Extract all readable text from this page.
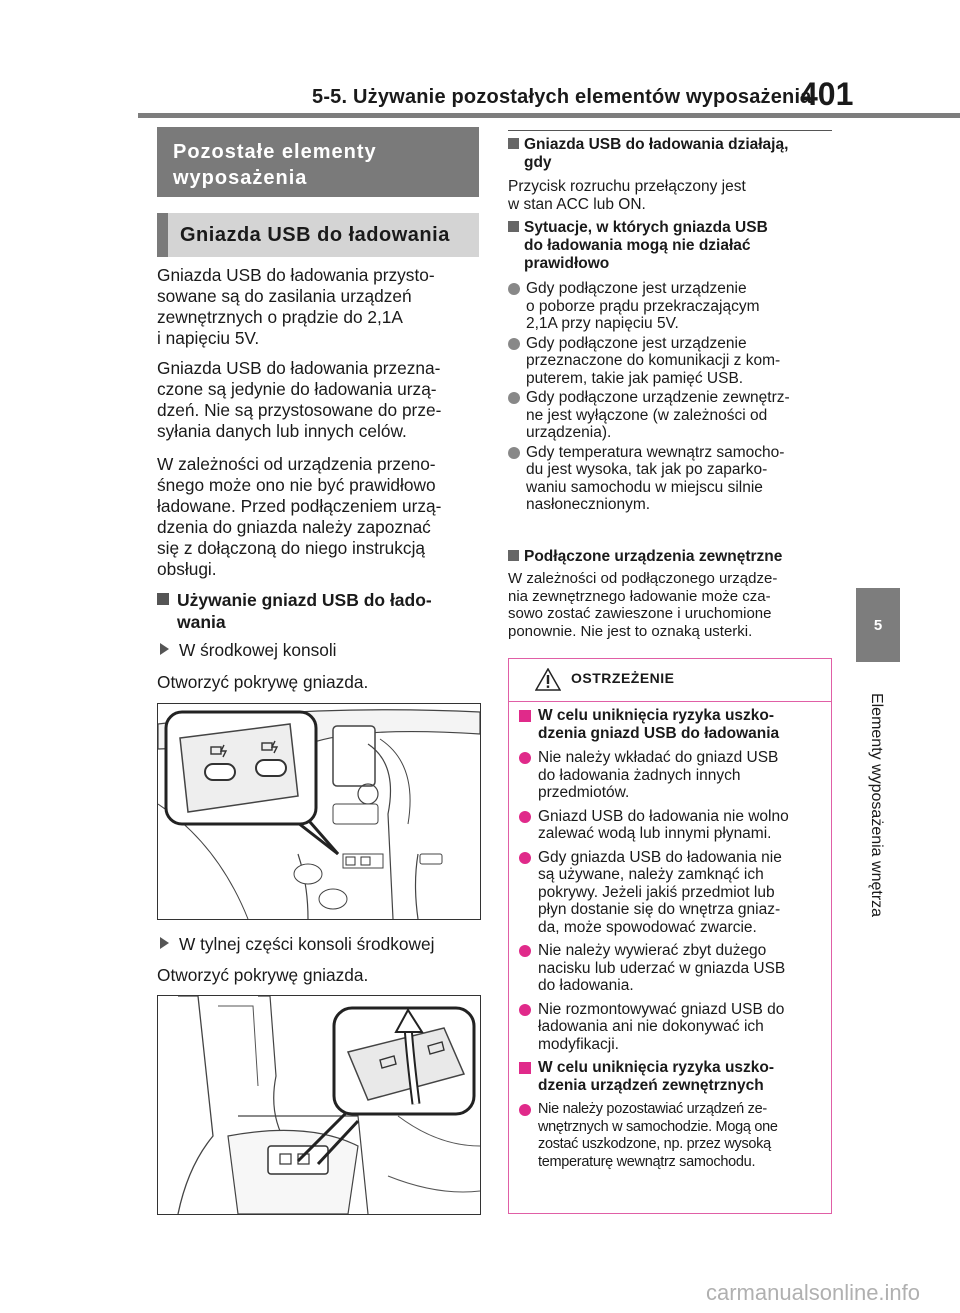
5-5. Używanie pozostałych elementów wyposażenia
401
5
Elementy wyposażenia wnętrza
Pozostałe elementy wyposażenia
Gniazda USB do ładowania
Gniazda USB do ładowania przysto-
sowane są do zasilania urządzeń
zewnętrznych o prądzie do 2,1A
i napięciu 5V.
Gniazda USB do ładowania przezna-
czone są jedynie do ładowania urzą-
dzeń. Nie są przystosowane do prze-
syłania danych lub innych celów.
W zależności od urządzenia przeno-
śnego może ono nie być prawidłowo
ładowane. Przed podłączeniem urzą-
dzenia do gniazda należy zapoznać
się z dołączoną do niego instrukcją
obsługi.
Używanie gniazd USB do łado-
wania
W środkowej konsoli
Otworzyć pokrywę gniazda.
W tylnej części konsoli środkowej
Otworzyć pokrywę gniazda.
Gniazda USB do ładowania działają,
gdy
Przycisk rozruchu przełączony jest
w stan ACC lub ON.
Sytuacje, w których gniazda USB
do ładowania mogą nie działać
prawidłowo
Gdy podłączone jest urządzenie
o poborze prądu przekraczającym
2,1A przy napięciu 5V.
Gdy podłączone jest urządzenie
przeznaczone do komunikacji z kom-
puterem, takie jak pamięć USB.
Gdy podłączone urządzenie zewnętrz-
ne jest wyłączone (w zależności od
urządzenia).
Gdy temperatura wewnątrz samocho-
du jest wysoka, tak jak po zaparko-
waniu samochodu w miejscu silnie
nasłonecznionym.
Podłączone urządzenia zewnętrzne
W zależności od podłączonego urządze-
nia zewnętrznego ładowanie może cza-
sowo zostać zawieszone i uruchomione
ponownie. Nie jest to oznaką usterki.
OSTRZEŻENIE
W celu uniknięcia ryzyka uszko-
dzenia gniazd USB do ładowania
Nie należy wkładać do gniazd USB
do ładowania żadnych innych
przedmiotów.
Gniazd USB do ładowania nie wolno
zalewać wodą lub innymi płynami.
Gdy gniazda USB do ładowania nie
są używane, należy zamknąć ich
pokrywy. Jeżeli jakiś przedmiot lub
płyn dostanie się do wnętrza gniaz-
da, może spowodować zwarcie.
Nie należy wywierać zbyt dużego
nacisku lub uderzać w gniazda USB
do ładowania.
Nie rozmontowywać gniazd USB do
ładowania ani nie dokonywać ich
modyfikacji.
W celu uniknięcia ryzyka uszko-
dzenia urządzeń zewnętrznych
Nie należy pozostawiać urządzeń ze-
wnętrznych w samochodzie. Mogą one
zostać uszkodzone, np. przez wysoką
temperaturę wewnątrz samochodu.
carmanualsonline.info
